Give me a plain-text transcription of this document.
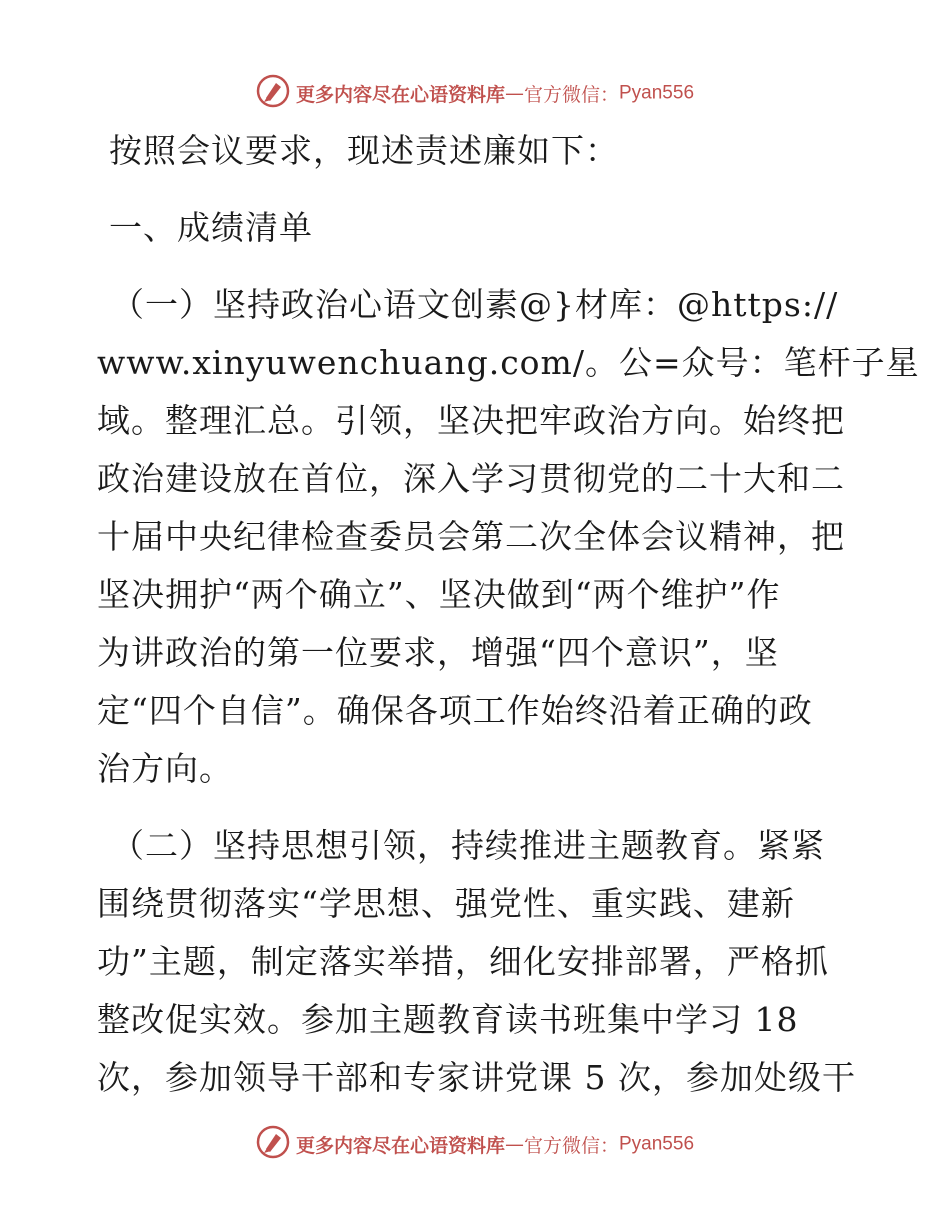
更多内容尽在心语资料库—官方微信：Pyan556
按照会议要求，现述责述廉如下：
一、成绩清单
（一）坚持政治心语文创素@}材库：@https://
www.xinyuwenchuang.com/。公=众号：笔杆子星
域。整理汇总。引领，坚决把牢政治方向。始终把
政治建设放在首位，深入学习贯彻党的二十大和二
十届中央纪律检查委员会第二次全体会议精神，把
坚决拥护“两个确立”、坚决做到“两个维护”作
为讲政治的第一位要求，增强“四个意识”，坚
定“四个自信”。确保各项工作始终沿着正确的政
治方向。
（二）坚持思想引领，持续推进主题教育。紧紧
围绕贯彻落实“学思想、强党性、重实践、建新
功”主题，制定落实举措，细化安排部署，严格抓
整改促实效。参加主题教育读书班集中学习 18
次，参加领导干部和专家讲党课 5 次，参加处级干
更多内容尽在心语资料库—官方微信：Pyan556
